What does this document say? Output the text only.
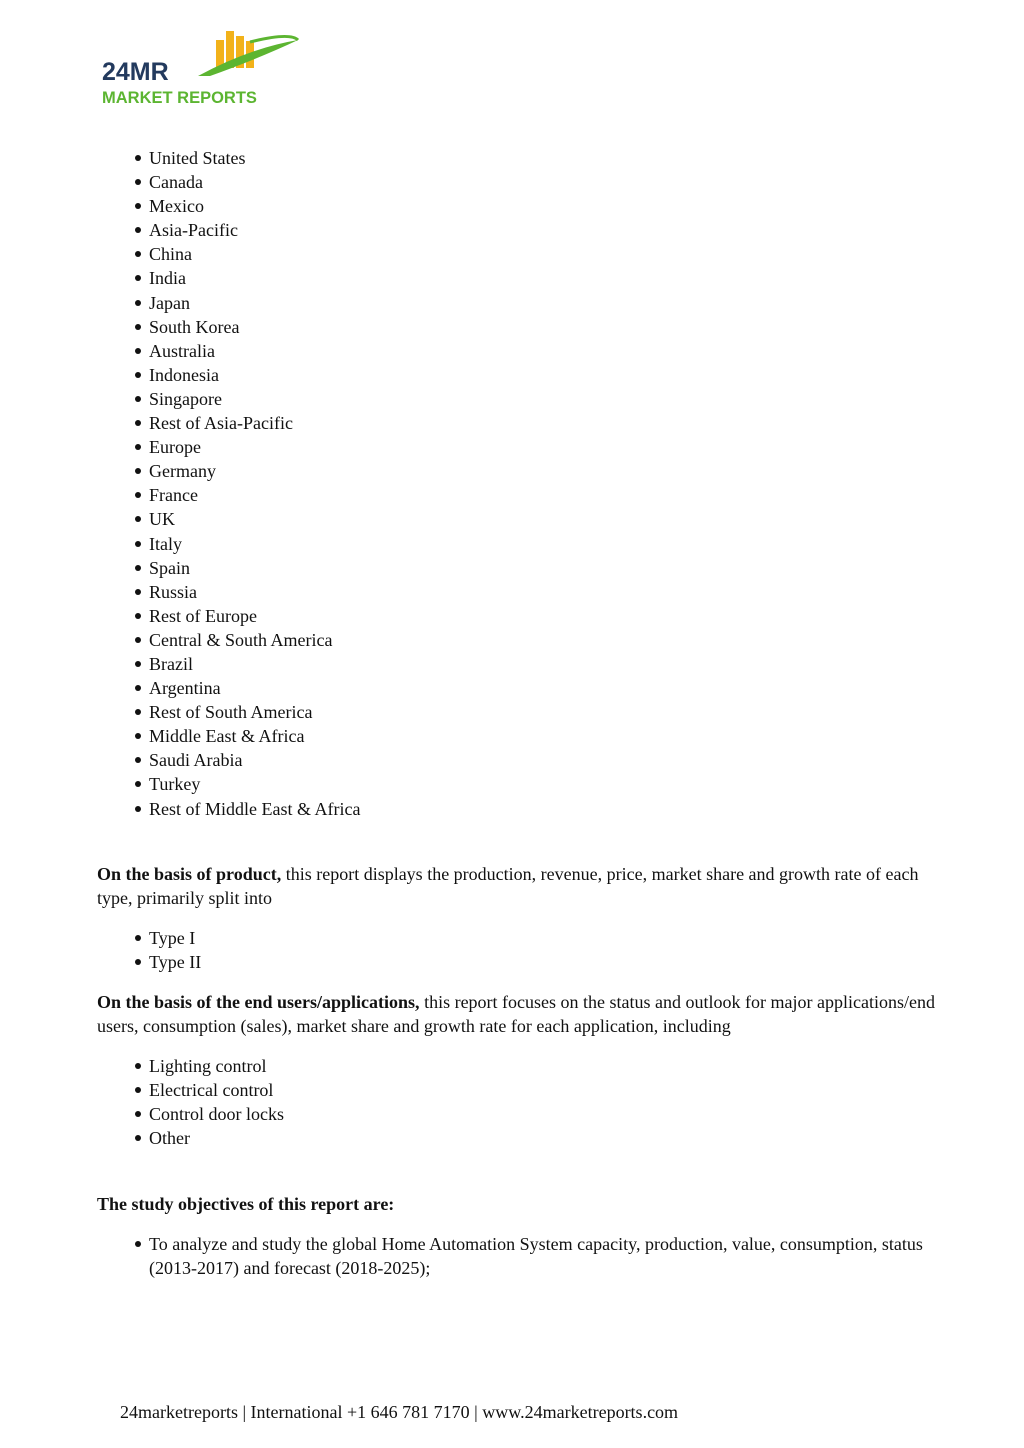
24MR
MARKET REPORTS
United States
Canada
Mexico
Asia-Pacific
China
India
Japan
South Korea
Australia
Indonesia
Singapore
Rest of Asia-Pacific
Europe
Germany
France
UK
Italy
Spain
Russia
Rest of Europe
Central & South America
Brazil
Argentina
Rest of South America
Middle East & Africa
Saudi Arabia
Turkey
Rest of Middle East & Africa

On the basis of product, this report displays the production, revenue, price, market share and growth rate of each type, primarily split into

Type I
Type II

On the basis of the end users/applications, this report focuses on the status and outlook for major applications/end users, consumption (sales), market share and growth rate for each application, including

Lighting control
Electrical control
Control door locks
Other

The study objectives of this report are:

To analyze and study the global Home Automation System capacity, production, value, consumption, status (2013-2017) and forecast (2018-2025);
24marketreports | International +1 646 781 7170 | www.24marketreports.com
